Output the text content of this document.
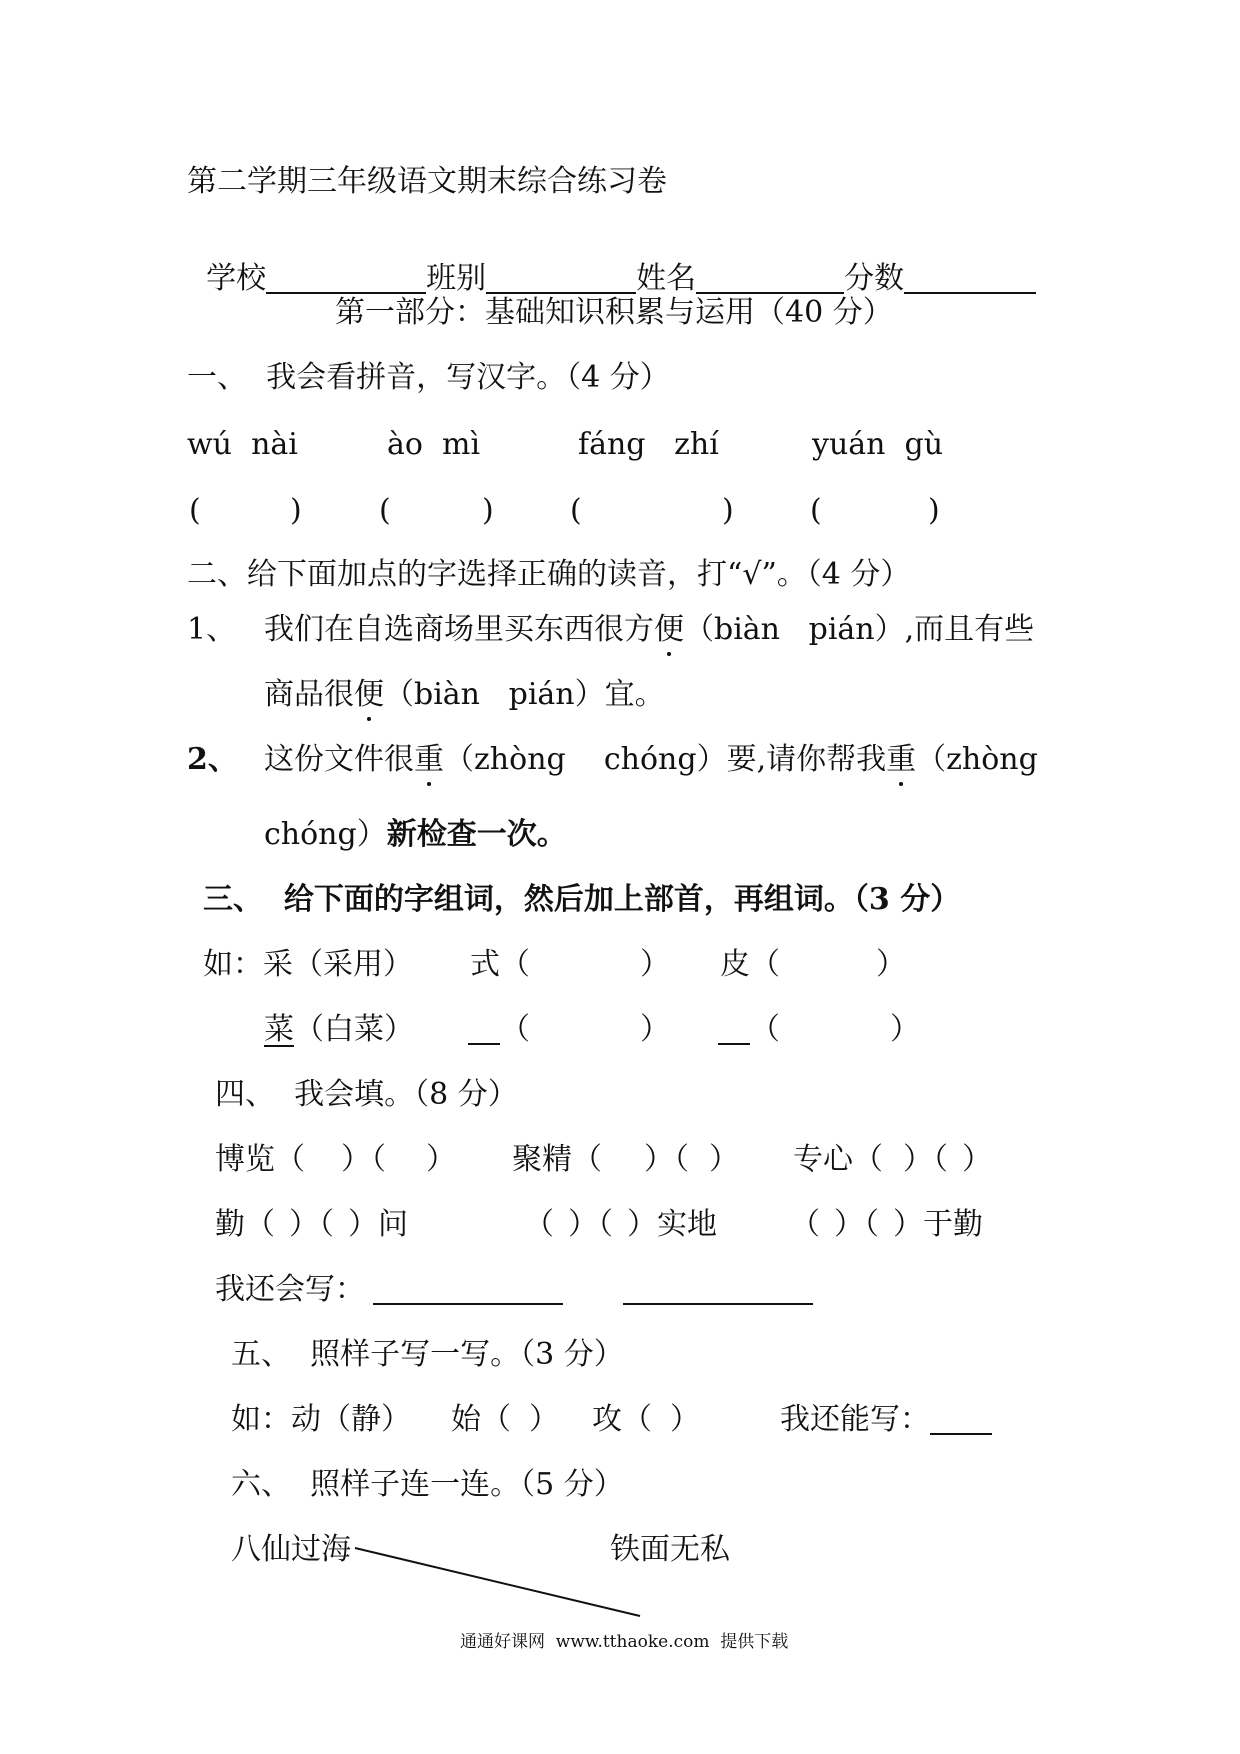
第二学期三年级语文期末综合练习卷

学校	班别	姓名	分数

第一部分：基础知识积累与运用（40 分）
一、  我会看拼音，写汉字。（4 分）
wú  nài	ào  mì	fáng   zhí	yuán  gù
(	)	(	)	(	)	(	)
二、给下面加点的字选择正确的读音，打“√”。（4 分）
1、 我们在自选商场里买东西很方便（biàn   pián）,而且有些
商品很便（biàn   pián）宜。
2、 这份文件很重（zhòng    chóng）要,请你帮我重（zhòng
chóng）新检查一次。
三、  给下面的字组词，然后加上部首，再组词。（3 分）
如：采（采用） 式（	） 皮（	）
菜（白菜）	（	）	（	）
四、  我会填。（8 分）
博览（ ）（ ） 聚精（ ）（ ） 专心（ ）（ ）
勤（ ）（ ）问	（ ）（ ）实地 （ ）（ ）于勤
我还会写：
五、  照样子写一写。（3 分）
如：动（静） 始（ ） 攻（ ）	我还能写：
六、  照样子连一连。（5 分）
八仙过海	铁面无私
通通好课网  www.tthaoke.com  提供下载
